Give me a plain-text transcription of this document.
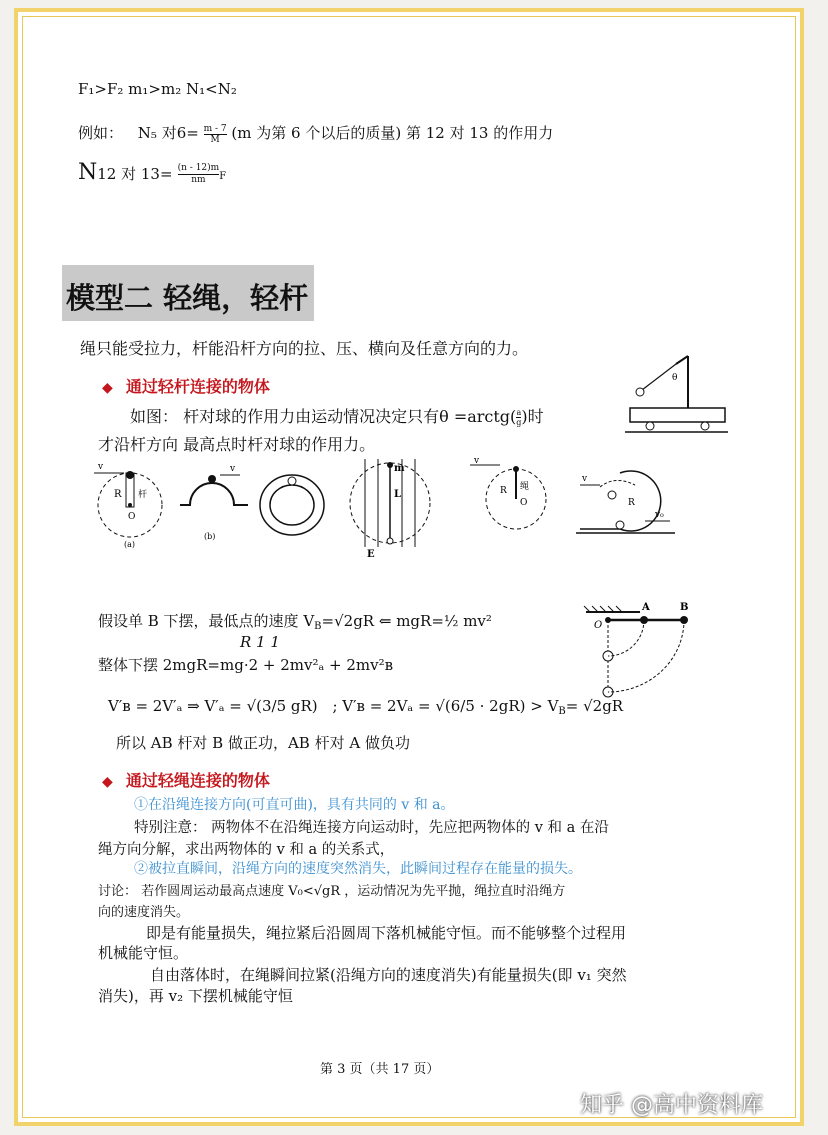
F₁>F₂ m₁>m₂ N₁<N₂
例如： N₅ 对$6= \frac{m - 7}{M} (m$ 为第 6 个以后的质量) 第 12 对 13 的作用力
N12 对 $13= \frac{(n - 12)m}{nm}$ F
模型二 轻绳，轻杆
绳只能受拉力，杆能沿杆方向的拉、压、横向及任意方向的力。
◆ 通过轻杆连接的物体
如图： 杆对球的作用力由运动情况决定只有θ =arctg( $\frac{a}{g}$ )时
才沿杆方向 最高点时杆对球的作用力。
θ
v
R 杆
O
(a)
v
(b)
m
L
E
v
R 绳
O
v
v₀
R
假设单 B 下摆，最低点的速度 $V_B=√2gR$ ⇐ mgR=½ mv²
R 1 1
整体下摆 2mgR=mg·2 + 2mv²ₐ + 2mv²ʙ
V′ʙ = 2V′ₐ ⇒ V′ₐ = √(3/5 gR) ; V′ʙ = $2V_a = √(6/5 \cdot 2gR) > V_B= √2gR$
所以 AB 杆对 B 做正功，AB 杆对 A 做负功
O
A	B
◆ 通过轻绳连接的物体
①在沿绳连接方向(可直可曲)，具有共同的 v 和 a。
特别注意： 两物体不在沿绳连接方向运动时，先应把两物体的 v 和 a 在沿
绳方向分解，求出两物体的 v 和 a 的关系式，
②被拉直瞬间，沿绳方向的速度突然消失，此瞬间过程存在能量的损失。
讨论： 若作圆周运动最高点速度 V₀<√gR ，运动情况为先平抛，绳拉直时沿绳方
向的速度消失。
即是有能量损失，绳拉紧后沿圆周下落机械能守恒。而不能够整个过程用
机械能守恒。
自由落体时，在绳瞬间拉紧(沿绳方向的速度消失)有能量损失(即 v₁ 突然
消失)，再 v₂ 下摆机械能守恒
第 3 页（共 17 页）
知乎 @高中资料库
